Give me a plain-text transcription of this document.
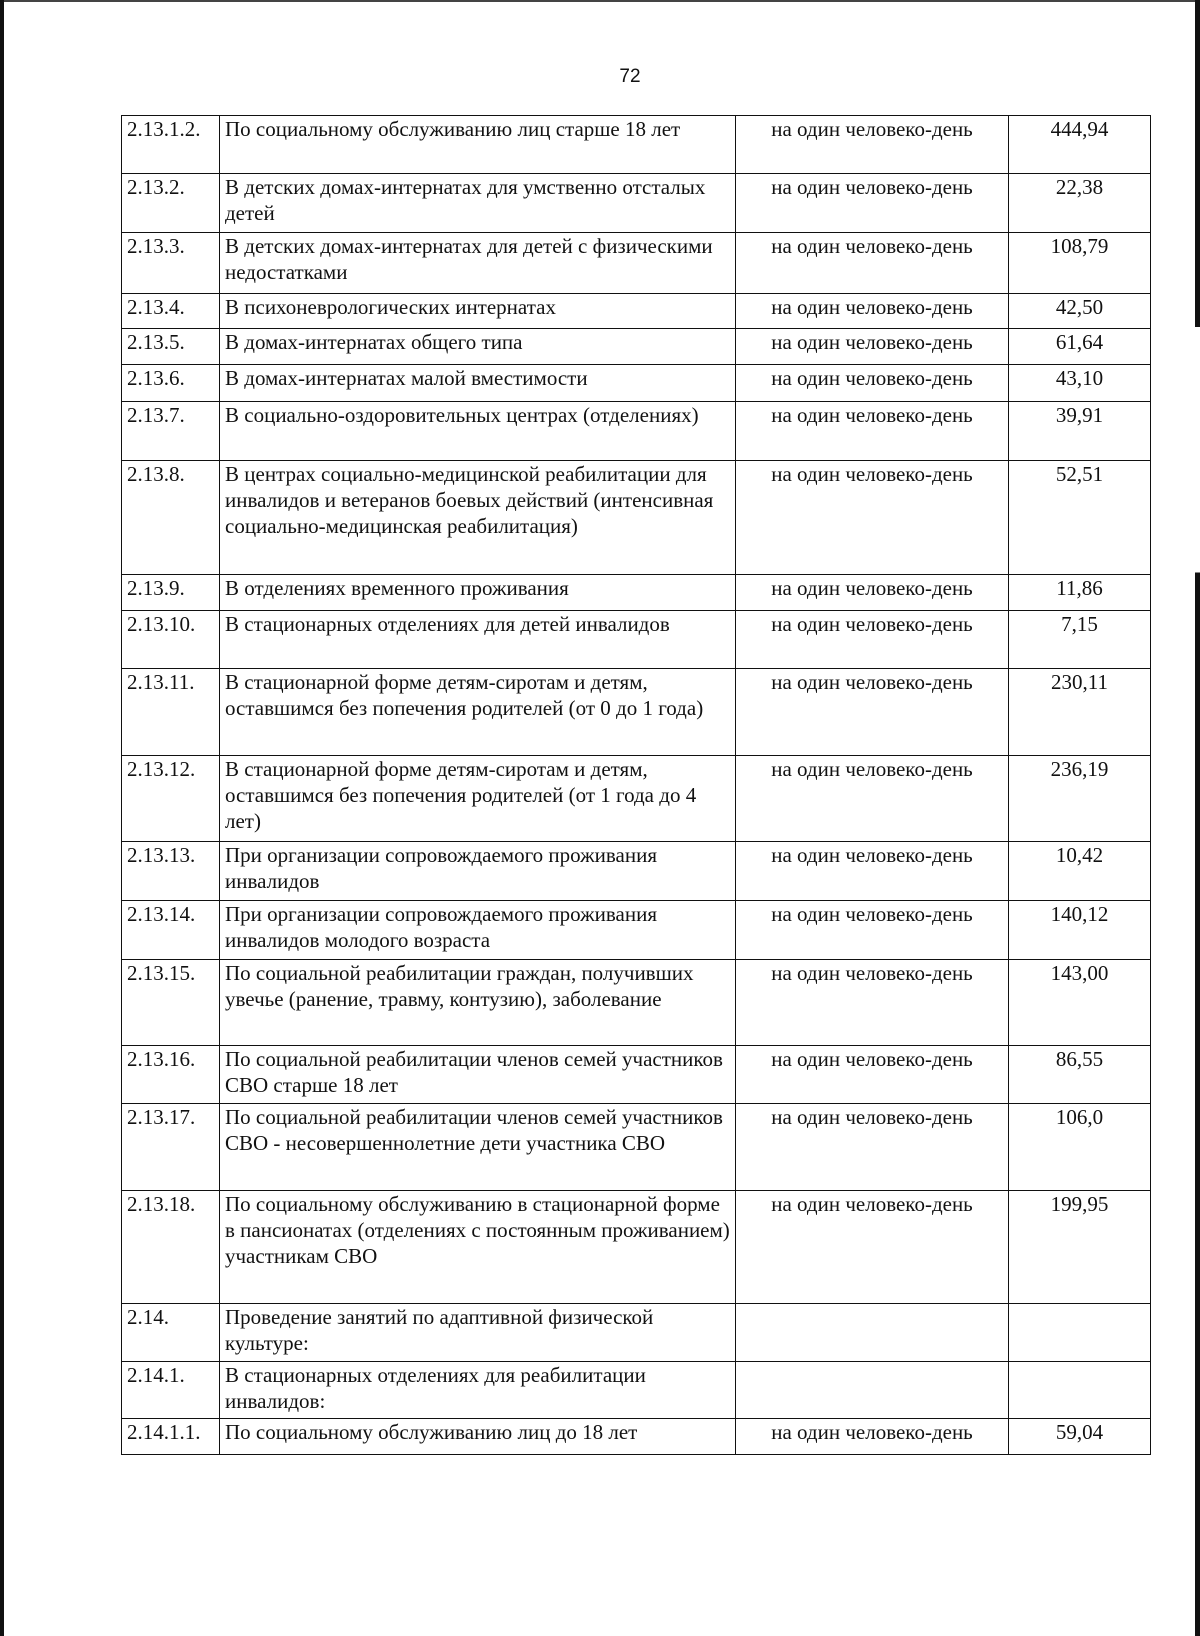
72
2.13.1.2.	По социальному обслуживанию лиц старше 18 лет	на один человеко-день	444,94
2.13.2.	В детских домах-интернатах для умственно отсталых детей	на один человеко-день	22,38
2.13.3.	В детских домах-интернатах для детей с физическими недостатками	на один человеко-день	108,79
2.13.4.	В психоневрологических интернатах	на один человеко-день	42,50
2.13.5.	В домах-интернатах общего типа	на один человеко-день	61,64
2.13.6.	В домах-интернатах малой вместимости	на один человеко-день	43,10
2.13.7.	В социально-оздоровительных центрах (отделениях)	на один человеко-день	39,91
2.13.8.	В центрах социально-медицинской реабилитации для инвалидов и ветеранов боевых действий (интенсивная социально-медицинская реабилитация)	на один человеко-день	52,51
2.13.9.	В отделениях временного проживания	на один человеко-день	11,86
2.13.10.	В стационарных отделениях для детей инвалидов	на один человеко-день	7,15
2.13.11.	В стационарной форме детям-сиротам и детям, оставшимся без попечения родителей (от 0 до 1 года)	на один человеко-день	230,11
2.13.12.	В стационарной форме детям-сиротам и детям, оставшимся без попечения родителей (от 1 года до 4 лет)	на один человеко-день	236,19
2.13.13.	При организации сопровождаемого проживания инвалидов	на один человеко-день	10,42
2.13.14.	При организации сопровождаемого проживания инвалидов молодого возраста	на один человеко-день	140,12
2.13.15.	По социальной реабилитации граждан, получивших увечье (ранение, травму, контузию), заболевание	на один человеко-день	143,00
2.13.16.	По социальной реабилитации членов семей участников СВО старше 18 лет	на один человеко-день	86,55
2.13.17.	По социальной реабилитации членов семей участников СВО - несовершеннолетние дети участника СВО	на один человеко-день	106,0
2.13.18.	По социальному обслуживанию в стационарной форме в пансионатах (отделениях с постоянным проживанием) участникам СВО	на один человеко-день	199,95
2.14.	Проведение занятий по адаптивной физической культуре:		
2.14.1.	В стационарных отделениях для реабилитации инвалидов:		
2.14.1.1.	По социальному обслуживанию лиц до 18 лет	на один человеко-день	59,04
